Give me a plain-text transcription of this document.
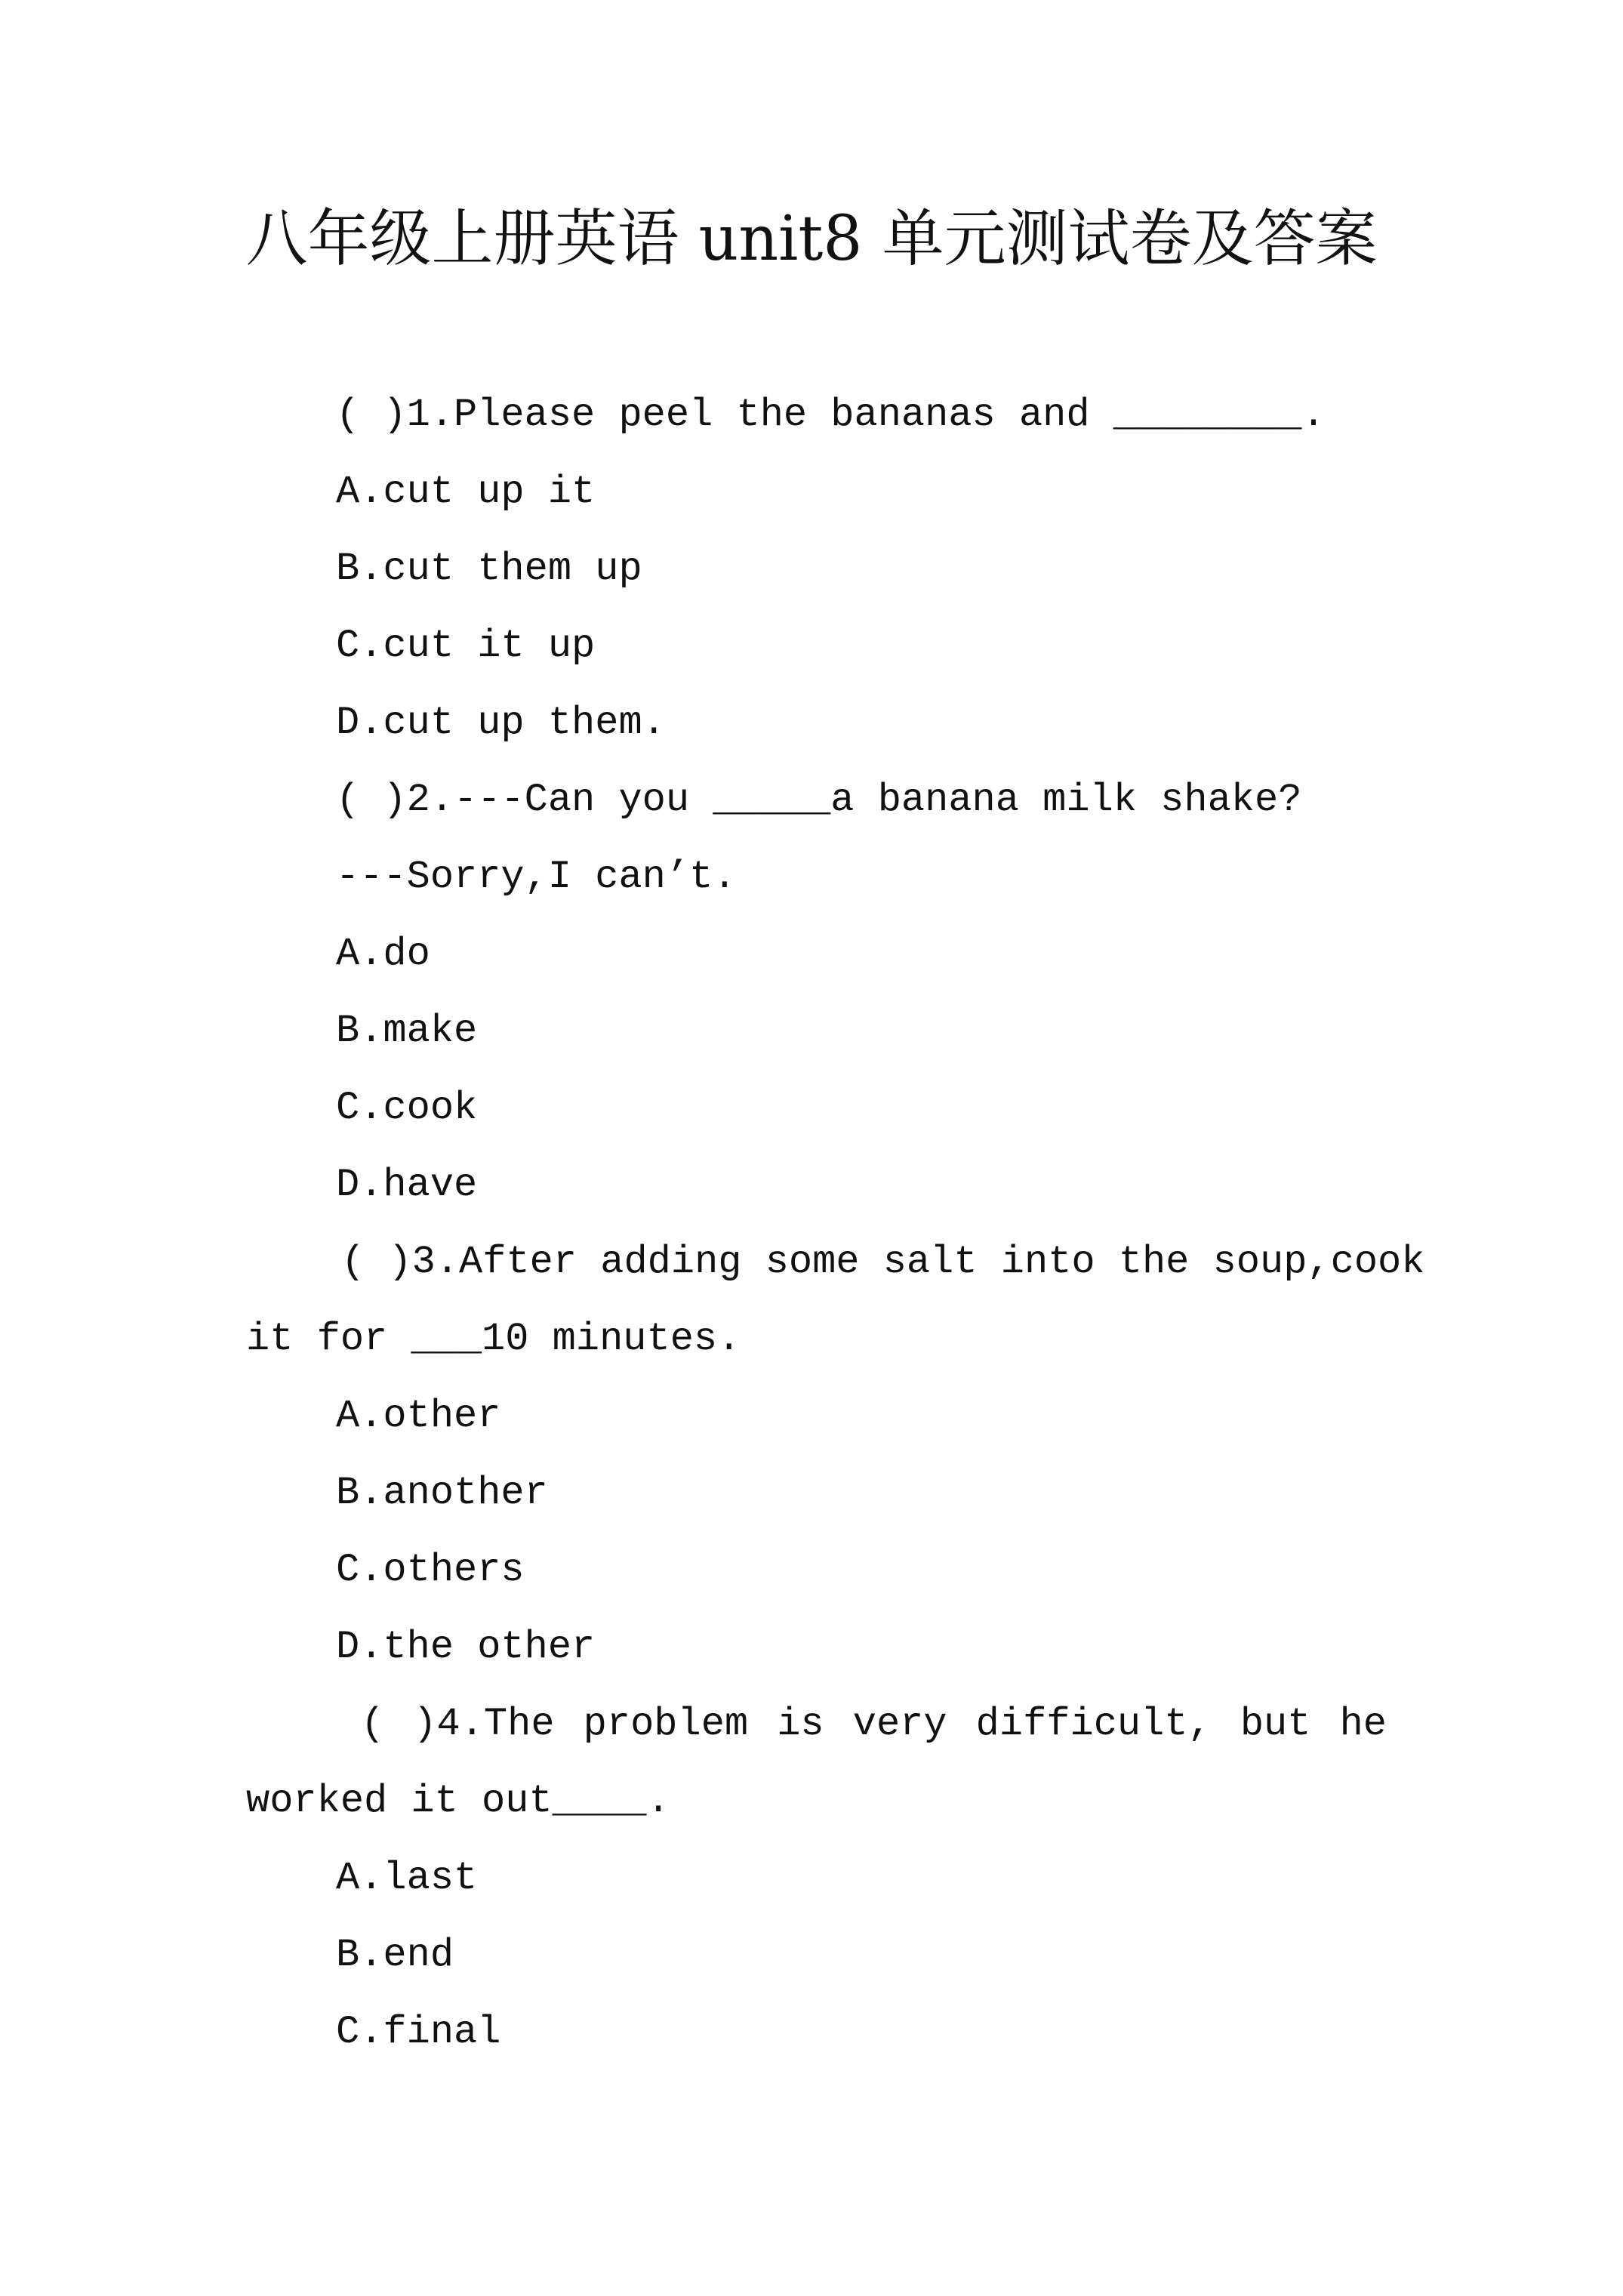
八年级上册英语 unit8 单元测试卷及答案
( )1.Please peel the bananas and ________.
A.cut up it
B.cut them up
C.cut it up
D.cut up them.
( )2.---Can you _____a banana milk shake?
---Sorry,I can’t.
A.do
B.make
C.cook
D.have
( )3.After adding some salt into the soup,cook
it for ___10 minutes.
A.other
B.another
C.others
D.the other
( )4.The problem is very difficult, but he
worked it out____.
A.last
B.end
C.final
